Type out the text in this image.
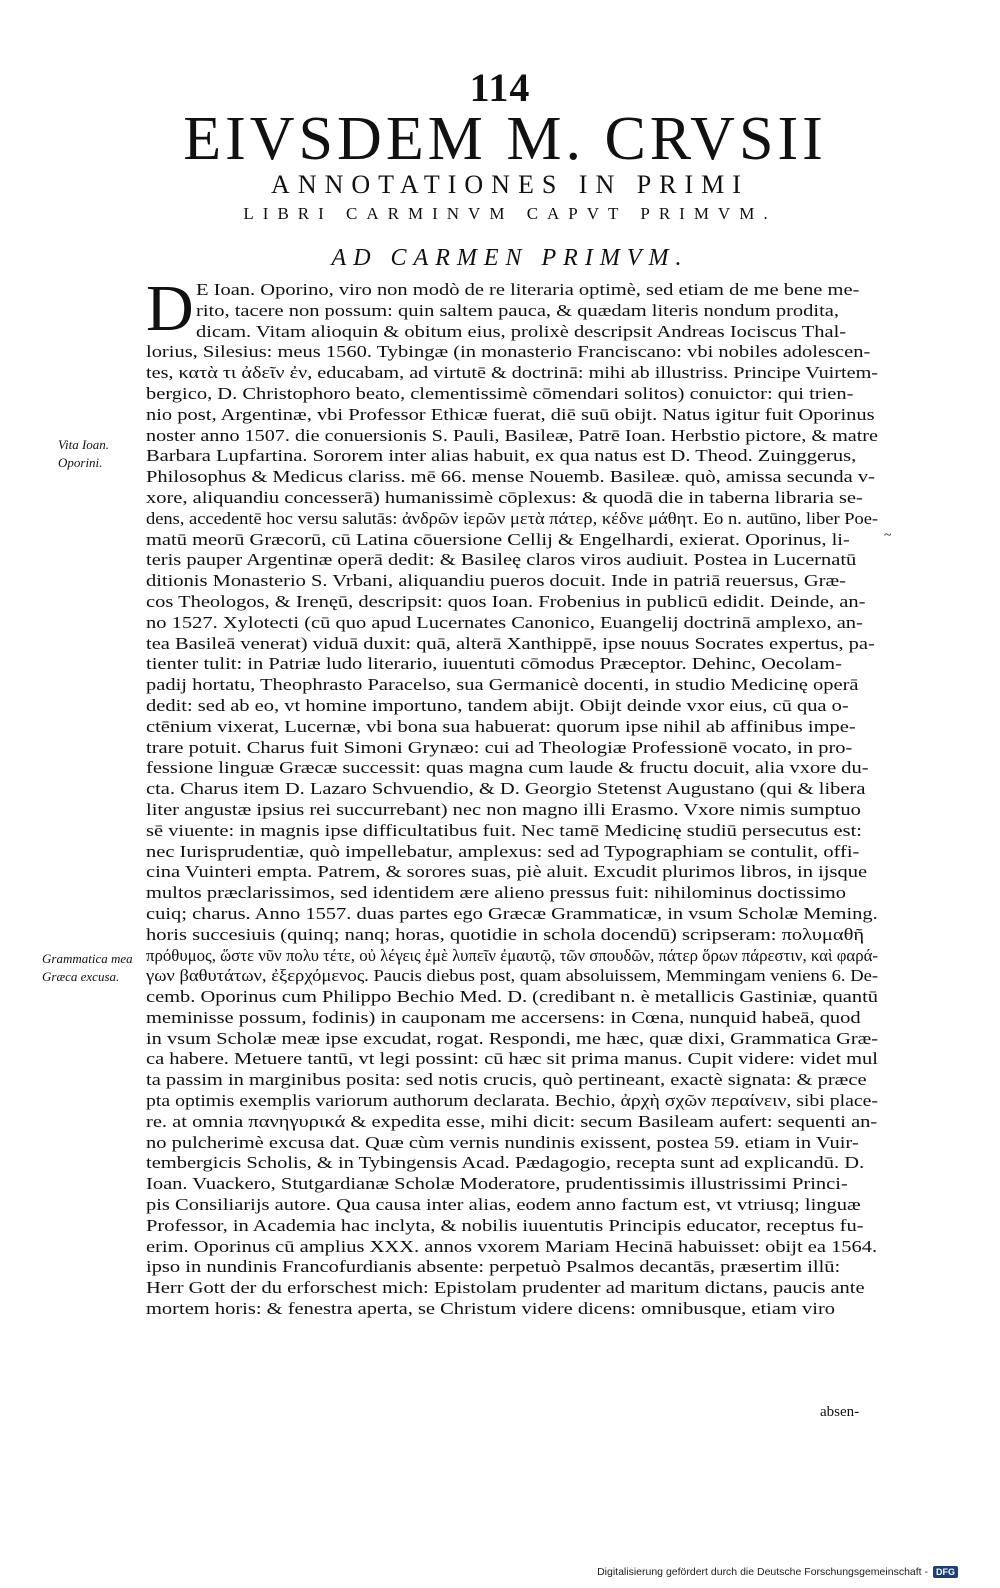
114
EIVSDEM M. CRVSII
ANNOTATIONES IN PRIMI
LIBRI CARMINVM CAPVT PRIMVM.
AD CARMEN PRIMVM.
D
Vita Ioan. Oporini.
Grammatica mea Græca excusa.
~
E Ioan. Oporino, viro non modò de re literaria optimè, sed etiam de me bene me-
rito, tacere non possum: quin saltem pauca, & quædam literis nondum prodita,
dicam. Vitam alioquin & obitum eius, prolixè descripsit Andreas Iociscus Thal-
lorius, Silesius: meus 1560. Tybingæ (in monasterio Franciscano: vbi nobiles adolescen-
tes, κατὰ τι ἀδεῖν ἐν, educabam, ad virtutē & doctrinā: mihi ab illustriss. Principe Vuirtem-
bergico, D. Christophoro beato, clementissimè cōmendari solitos) conuictor: qui trien-
nio post, Argentinæ, vbi Professor Ethicæ fuerat, diē suū obijt. Natus igitur fuit Oporinus
noster anno 1507. die conuersionis S. Pauli, Basileæ, Patrē Ioan. Herbstio pictore, & matre
Barbara Lupfartina. Sororem inter alias habuit, ex qua natus est D. Theod. Zuinggerus,
Philosophus & Medicus clariss. mē 66. mense Nouemb. Basileæ. quò, amissa secunda v-
xore, aliquandiu concesserā) humanissimè cōplexus: & quodā die in taberna libraria se-
dens, accedentē hoc versu salutās: ἀνδρῶν ἱερῶν μετὰ πάτερ, κέδνε μάθητ. Eo n. autūno, liber Poe-
matū meorū Græcorū, cū Latina cōuersione Cellij & Engelhardi, exierat. Oporinus, li-
teris pauper Argentinæ operā dedit: & Basileę claros viros audiuit. Postea in Lucernatū
ditionis Monasterio S. Vrbani, aliquandiu pueros docuit. Inde in patriā reuersus, Græ-
cos Theologos, & Irenęū, descripsit: quos Ioan. Frobenius in publicū edidit. Deinde, an-
no 1527. Xylotecti (cū quo apud Lucernates Canonico, Euangelij doctrinā amplexo, an-
tea Basileā venerat) viduā duxit: quā, alterā Xanthippē, ipse nouus Socrates expertus, pa-
tienter tulit: in Patriæ ludo literario, iuuentuti cōmodus Præceptor. Dehinc, Oecolam-
padij hortatu, Theophrasto Paracelso, sua Germanicè docenti, in studio Medicinę operā
dedit: sed ab eo, vt homine importuno, tandem abijt. Obijt deinde vxor eius, cū qua o-
ctēnium vixerat, Lucernæ, vbi bona sua habuerat: quorum ipse nihil ab affinibus impe-
trare potuit. Charus fuit Simoni Grynæo: cui ad Theologiæ Professionē vocato, in pro-
fessione linguæ Græcæ successit: quas magna cum laude & fructu docuit, alia vxore du-
cta. Charus item D. Lazaro Schvuendio, & D. Georgio Stetenst Augustano (qui & libera
liter angustæ ipsius rei succurrebant) nec non magno illi Erasmo. Vxore nimis sumptuo
sē viuente: in magnis ipse difficultatibus fuit. Nec tamē Medicinę studiū persecutus est:
nec Iurisprudentiæ, quò impellebatur, amplexus: sed ad Typographiam se contulit, offi-
cina Vuinteri empta. Patrem, & sorores suas, piè aluit. Excudit plurimos libros, in ijsque
multos præclarissimos, sed identidem ære alieno pressus fuit: nihilominus doctissimo
cuiq; charus. Anno 1557. duas partes ego Græcæ Grammaticæ, in vsum Scholæ Meming.
horis succesiuis (quinq; nanq; horas, quotidie in schola docendū) scripseram: πολυμαθῆ
πρόθυμος, ὥστε νῦν πολυ τέτε, οὐ λέγεις ἐμὲ λυπεῖν ἐμαυτῷ, τῶν σπουδῶν, πάτερ ὅρων πάρεστιν, καὶ φαρά-
γων βαθυτάτων, ἐξερχόμενος. Paucis diebus post, quam absoluissem, Memmingam veniens 6. De-
cemb. Oporinus cum Philippo Bechio Med. D. (credibant n. è metallicis Gastiniæ, quantū
meminisse possum, fodinis) in cauponam me accersens: in Cœna, nunquid habeā, quod
in vsum Scholæ meæ ipse excudat, rogat. Respondi, me hæc, quæ dixi, Grammatica Græ-
ca habere. Metuere tantū, vt legi possint: cū hæc sit prima manus. Cupit videre: videt mul
ta passim in marginibus posita: sed notis crucis, quò pertineant, exactè signata: & præce
pta optimis exemplis variorum authorum declarata. Bechio, ἀρχὴ σχῶν περαίνειν, sibi place-
re. at omnia πανηγυρικά & expedita esse, mihi dicit: secum Basileam aufert: sequenti an-
no pulcherimè excusa dat. Quæ cùm vernis nundinis exissent, postea 59. etiam in Vuir-
tembergicis Scholis, & in Tybingensis Acad. Pædagogio, recepta sunt ad explicandū. D.
Ioan. Vuackero, Stutgardianæ Scholæ Moderatore, prudentissimis illustrissimi Princi-
pis Consiliarijs autore. Qua causa inter alias, eodem anno factum est, vt vtriusq; linguæ
Professor, in Academia hac inclyta, & nobilis iuuentutis Principis educator, receptus fu-
erim. Oporinus cū amplius XXX. annos vxorem Mariam Hecinā habuisset: obijt ea 1564.
ipso in nundinis Francofurdianis absente: perpetuò Psalmos decantās, præsertim illū:
Herr Gott der du erforschest mich: Epistolam prudenter ad maritum dictans, paucis ante
mortem horis: & fenestra aperta, se Christum videre dicens: omnibusque, etiam viro
absen-
Digitalisierung gefördert durch die Deutsche Forschungsgemeinschaft - DFG
